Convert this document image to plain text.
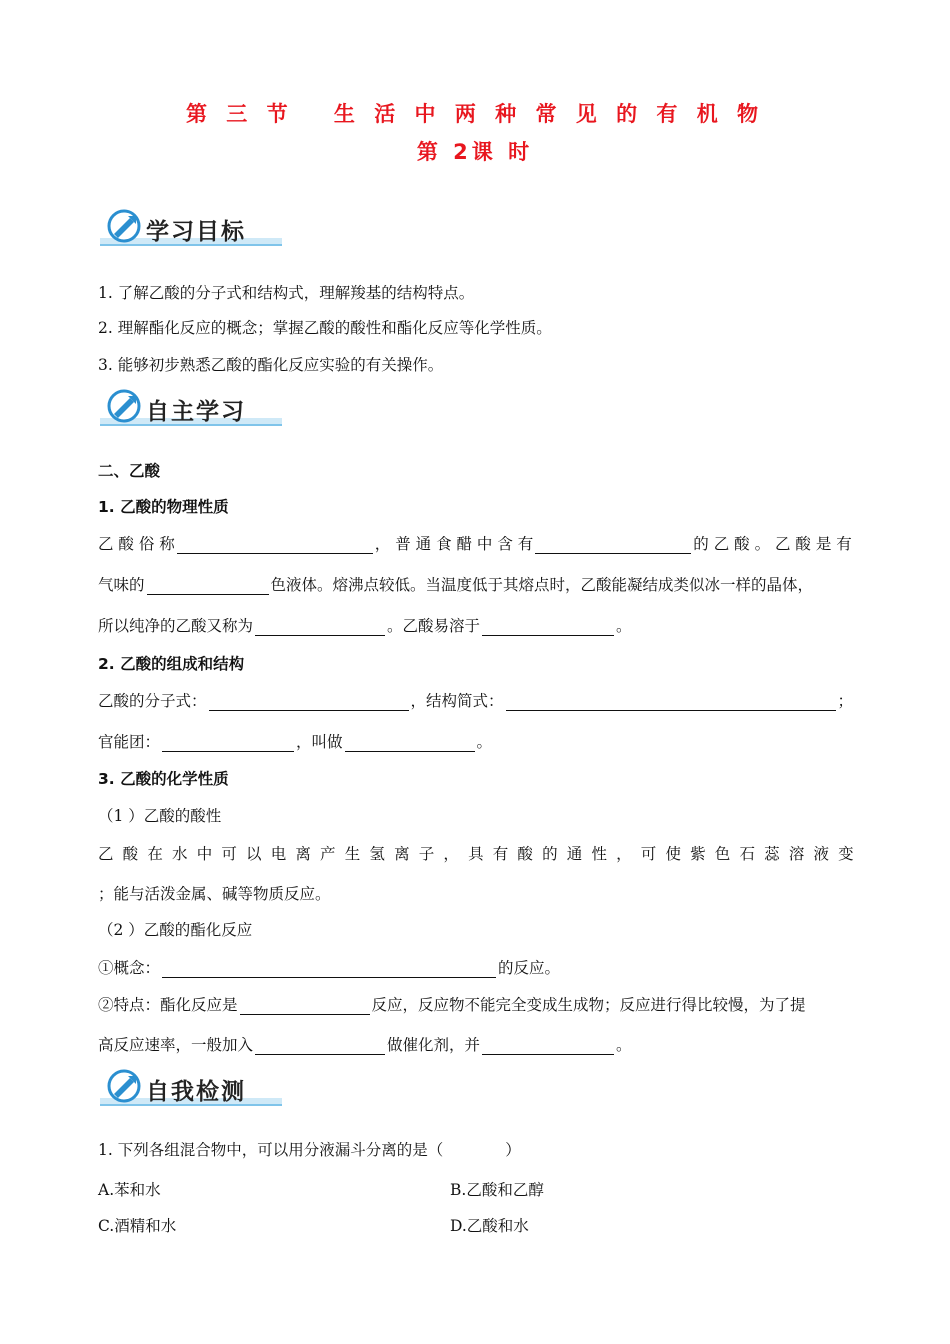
第 三 节　 生 活 中 两 种 常 见 的 有 机 物
第 2课 时
学习目标
1. 了解乙酸的分子式和结构式，理解羧基的结构特点。
2. 理解酯化反应的概念；掌握乙酸的酸性和酯化反应等化学性质。
3. 能够初步熟悉乙酸的酯化反应实验的有关操作。
自主学习
二、乙酸
1. 乙酸的物理性质
乙 酸 俗 称	， 普 通 食 醋 中 含 有	的 乙 酸 。 乙 酸 是 有
气味的	色液体。熔沸点较低。当温度低于其熔点时，乙酸能凝结成类似冰一样的晶体，
所以纯净的乙酸又称为	。乙酸易溶于	。
2. 乙酸的组成和结构
乙酸的分子式：	，结构简式：	；
官能团：	，叫做	。
3. 乙酸的化学性质
（1 ）乙酸的酸性
乙 酸 在 水 中 可 以 电 离 产 生 氢 离 子 ， 具 有 酸 的 通 性 ， 可 使 紫 色 石 蕊 溶 液 变
；能与活泼金属、碱等物质反应。
（2 ）乙酸的酯化反应
①概念：	的反应。
②特点：酯化反应是	反应，反应物不能完全变成生成物；反应进行得比较慢，为了提
高反应速率，一般加入	做催化剂，并	。
自我检测
1. 下列各组混合物中，可以用分液漏斗分离的是（　　　　）
A.苯和水	B.乙酸和乙醇
C.酒精和水	D.乙酸和水
